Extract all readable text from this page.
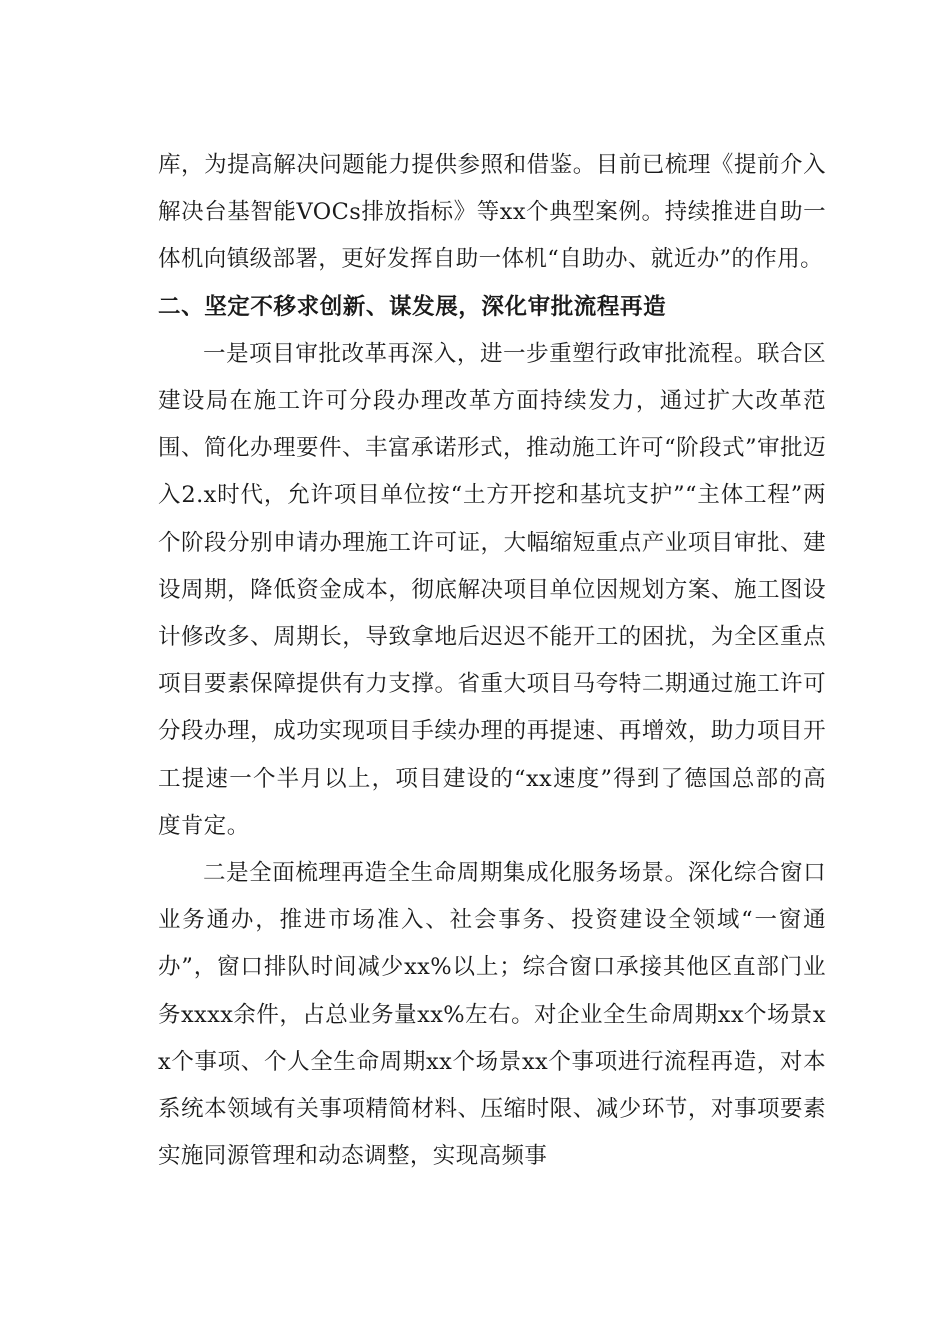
库，为提高解决问题能力提供参照和借鉴。目前已梳理《提前介入解决台基智能VOCs排放指标》等xx个典型案例。持续推进自助一体机向镇级部署，更好发挥自助一体机“自助办、就近办”的作用。

二、坚定不移求创新、谋发展，深化审批流程再造

一是项目审批改革再深入，进一步重塑行政审批流程。联合区建设局在施工许可分段办理改革方面持续发力，通过扩大改革范围、简化办理要件、丰富承诺形式，推动施工许可“阶段式”审批迈入2.x时代，允许项目单位按“土方开挖和基坑支护”“主体工程”两个阶段分别申请办理施工许可证，大幅缩短重点产业项目审批、建设周期，降低资金成本，彻底解决项目单位因规划方案、施工图设计修改多、周期长，导致拿地后迟迟不能开工的困扰，为全区重点项目要素保障提供有力支撑。省重大项目马夸特二期通过施工许可分段办理，成功实现项目手续办理的再提速、再增效，助力项目开工提速一个半月以上，项目建设的“xx速度”得到了德国总部的高度肯定。

二是全面梳理再造全生命周期集成化服务场景。深化综合窗口业务通办，推进市场准入、社会事务、投资建设全领域“一窗通办”，窗口排队时间减少xx%以上；综合窗口承接其他区直部门业务xxxx余件，占总业务量xx%左右。对企业全生命周期xx个场景xx个事项、个人全生命周期xx个场景xx个事项进行流程再造，对本系统本领域有关事项精简材料、压缩时限、减少环节，对事项要素实施同源管理和动态调整，实现高频事
